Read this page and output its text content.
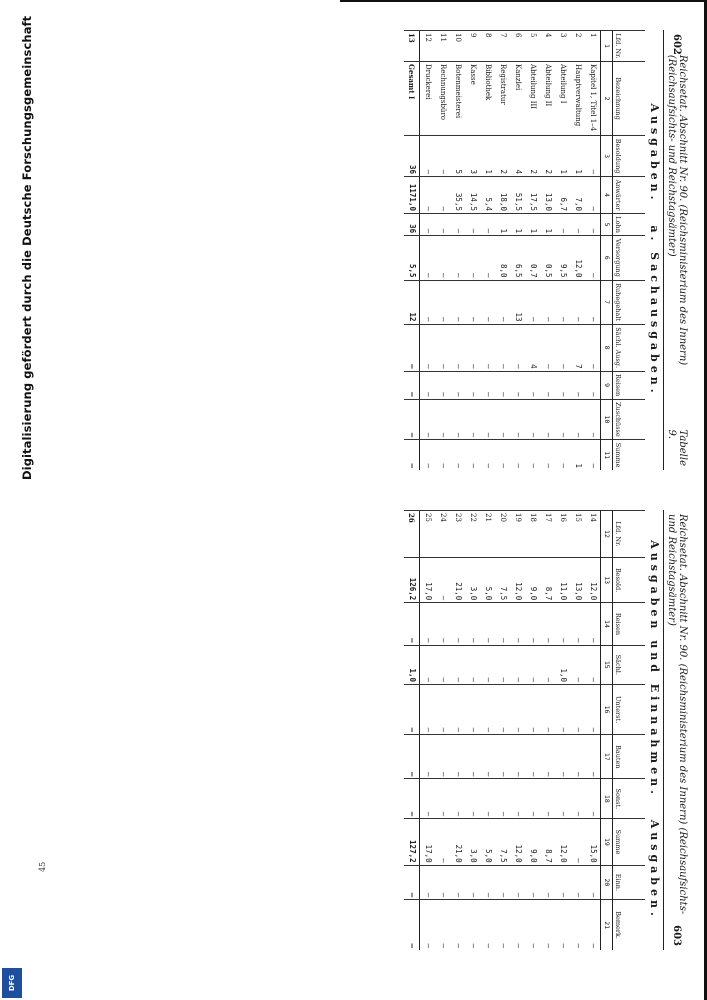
602
Reichsetat. Abschnitt Nr. 90. (Reichsministerium des Innern) (Reichsaufsichts- und Reichstagsämter)
Tabelle 9.
Ausgaben. a. Sachausgaben.
Lfd. Nr.	Bezeichnung	Besoldung	Anwärter	Lohn	Versorgung	Ruhegehalt	Sächl. Ausg.	Reisen	Zuschüsse	Summe
1	2	3	4	5	6	7	8	9	10	11
1	Kapitel 1, Titel 1–4	—	—	—	—	—	—	—	—	—
2	Hauptverwaltung	1	7,0	—	12,0	—	7	—	—	1
3	Abteilung I	1	6,7	—	9,5	—	—	—	—	—
4	Abteilung II	2	13,0	1	0,5	—	—	—	—	—
5	Abteilung III	2	17,5	1	0,7	—	4	—	—	—
6	Kanzlei	4	51,5	1	6,5	13	—	—	—	—
7	Registratur	2	18,0	1	8,0	—	—	—	—	—
8	Bibliothek	1	5,4	—	—	—	—	—	—	—
9	Kasse	3	14,5	—	—	—	—	—	—	—
10	Botenmeisterei	5	35,5	—	—	—	—	—	—	—
11	Rechnungsbüro	—	—	—	—	—	—	—	—	—
12	Druckerei	—	—	—	—	—	—	—	—	—
13	Gesamt I	36	1171,0	36	5,5	12	—	—	—	—
Reichsetat. Abschnitt Nr. 90. (Reichsministerium des Innern) (Reichsaufsichts- und Reichstagsämter)
603
Ausgaben und Einnahmen. Ausgaben.
Lfd. Nr.	Besold.	Reisen	Sächl.	Unterst.	Bauten	Sonst.	Summe	Einn.	Bemerk.
12	13	14	15	16	17	18	19	20	21
14	12,0	—	—	—	—	—	15,0	—	—
15	13,0	—	—	—	—	—	—	—	—
16	11,0	—	1,0	—	—	—	12,0	—	—
17	8,7	—	—	—	—	—	8,7	—	—
18	9,0	—	—	—	—	—	9,0	—	—
19	12,0	—	—	—	—	—	12,0	—	—
20	7,5	—	—	—	—	—	7,5	—	—
21	5,0	—	—	—	—	—	5,0	—	—
22	3,0	—	—	—	—	—	3,0	—	—
23	21,0	—	—	—	—	—	21,0	—	—
24	—	—	—	—	—	—	—	—	—
25	17,0	—	—	—	—	—	17,0	—	—
26	126,2	—	1,0	—	—	—	127,2	—	—
45
Digitalisierung gefördert durch die Deutsche Forschungsgemeinschaft
DFG
